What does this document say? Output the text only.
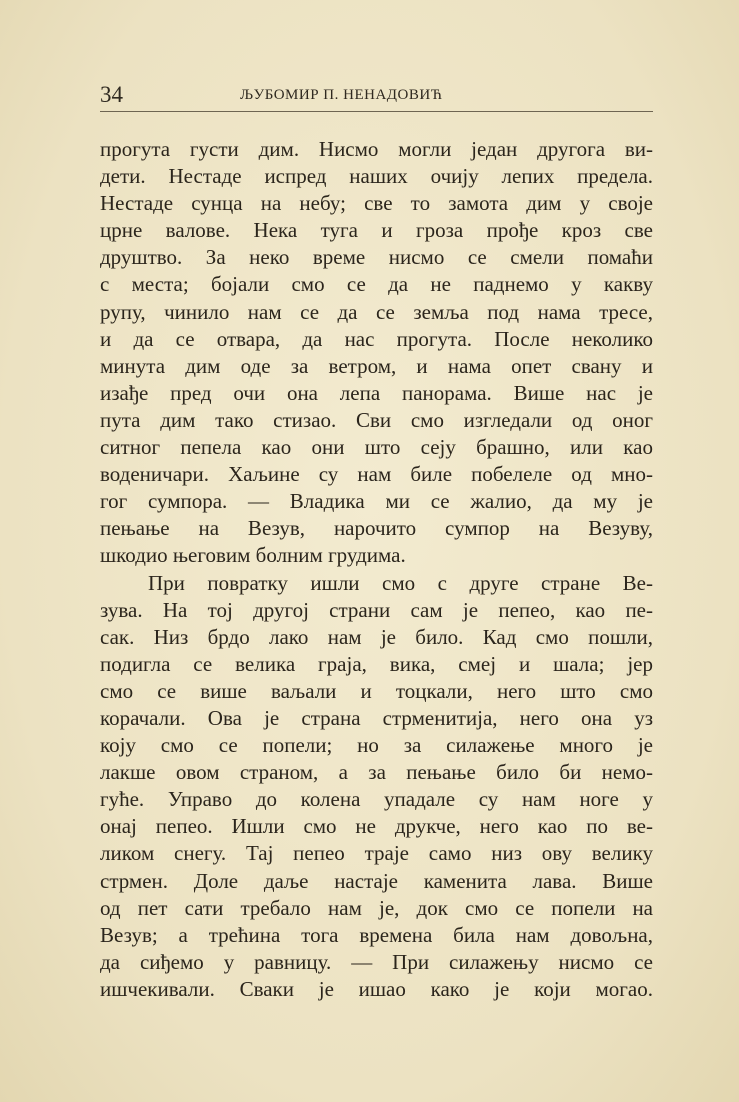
34	ЉУБОМИР П. НЕНАДОВИЋ
прогута густи дим. Нисмо могли један другога ви-
дети. Нестаде испред наших очију лепих предела.
Нестаде сунца на небу; све то замота дим у своје
црне валове. Нека туга и гроза прође кроз све
друштво. За неко време нисмо се смели помаћи
с места; бојали смо се да не паднемо у какву
рупу, чинило нам се да се земља под нама тресе,
и да се отвара, да нас прогута. После неколико
минута дим оде за ветром, и нама опет свану и
изађе пред очи она лепа панорама. Више нас је
пута дим тако стизао. Сви смо изгледали од оног
ситног пепела као они што сеју брашно, или као
воденичари. Хаљине су нам биле побелеле од мно-
гог сумпора. — Владика ми се жалио, да му је
пењање на Везув, нарочито сумпор на Везуву,
шкодио његовим болним грудима.
При повратку ишли смо с друге стране Ве-
зува. На тој другој страни сам је пепео, као пе-
сак. Низ брдо лако нам је било. Кад смо пошли,
подигла се велика граја, вика, смеј и шала; јер
смо се више ваљали и тоцкали, него што смо
корачали. Ова је страна стрменитија, него она уз
коју смо се попели; но за силажење много је
лакше овом страном, а за пењање било би немо-
гуће. Управо до колена упадале су нам ноге у
онај пепео. Ишли смо не друкче, него као по ве-
ликом снегу. Тај пепео траје само низ ову велику
стрмен. Доле даље настаје каменита лава. Више
од пет сати требало нам је, док смо се попели на
Везув; а трећина тога времена била нам довољна,
да сиђемо у равницу. — При силажењу нисмо се
ишчекивали. Сваки је ишао како је који могао.
